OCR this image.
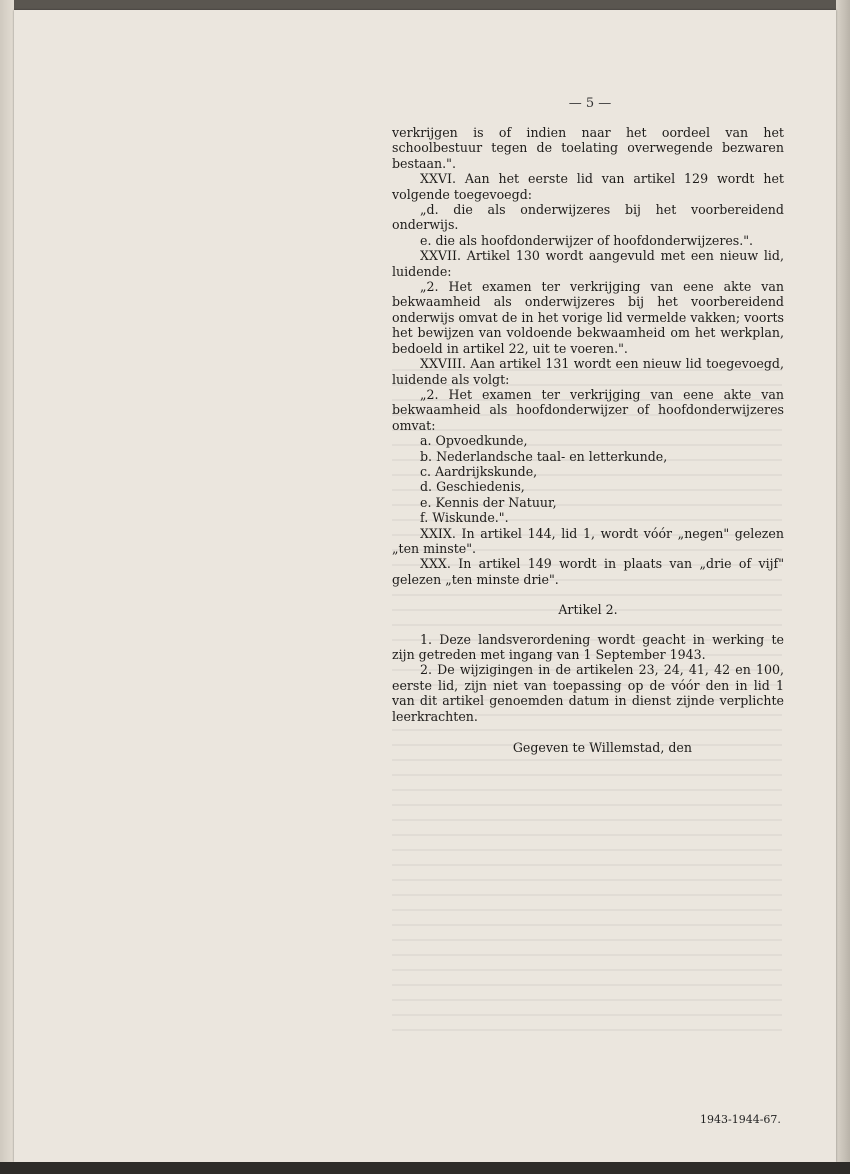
— 5 —

verkrijgen is of indien naar het oordeel van het schoolbestuur tegen de toelating overwegende bezwaren bestaan.".

XXVI. Aan het eerste lid van artikel 129 wordt het volgende toegevoegd:

„d. die als onderwijzeres bij het voorbereidend onderwijs.

e. die als hoofdonderwijzer of hoofdonderwijzeres.".

XXVII. Artikel 130 wordt aangevuld met een nieuw lid, luidende:

„2. Het examen ter verkrijging van eene akte van bekwaamheid als onderwijzeres bij het voorbereidend onderwijs omvat de in het vorige lid vermelde vakken; voorts het bewijzen van voldoende bekwaamheid om het werkplan, bedoeld in artikel 22, uit te voeren.".

XXVIII. Aan artikel 131 wordt een nieuw lid toegevoegd, luidende als volgt:

„2. Het examen ter verkrijging van eene akte van bekwaamheid als hoofdonderwijzer of hoofdonderwijzeres omvat:

a. Opvoedkunde,

b. Nederlandsche taal- en letterkunde,

c. Aardrijkskunde,

d. Geschiedenis,

e. Kennis der Natuur,

f. Wiskunde.".

XXIX. In artikel 144, lid 1, wordt vóór „negen" gelezen „ten minste".

XXX. In artikel 149 wordt in plaats van „drie of vijf" gelezen „ten minste drie".

Artikel 2.

1. Deze landsverordening wordt geacht in werking te zijn getreden met ingang van 1 September 1943.

2. De wijzigingen in de artikelen 23, 24, 41, 42 en 100, eerste lid, zijn niet van toepassing op de vóór den in lid 1 van dit artikel genoemden datum in dienst zijnde verplichte leerkrachten.

Gegeven te Willemstad, den

1943-1944-67.
